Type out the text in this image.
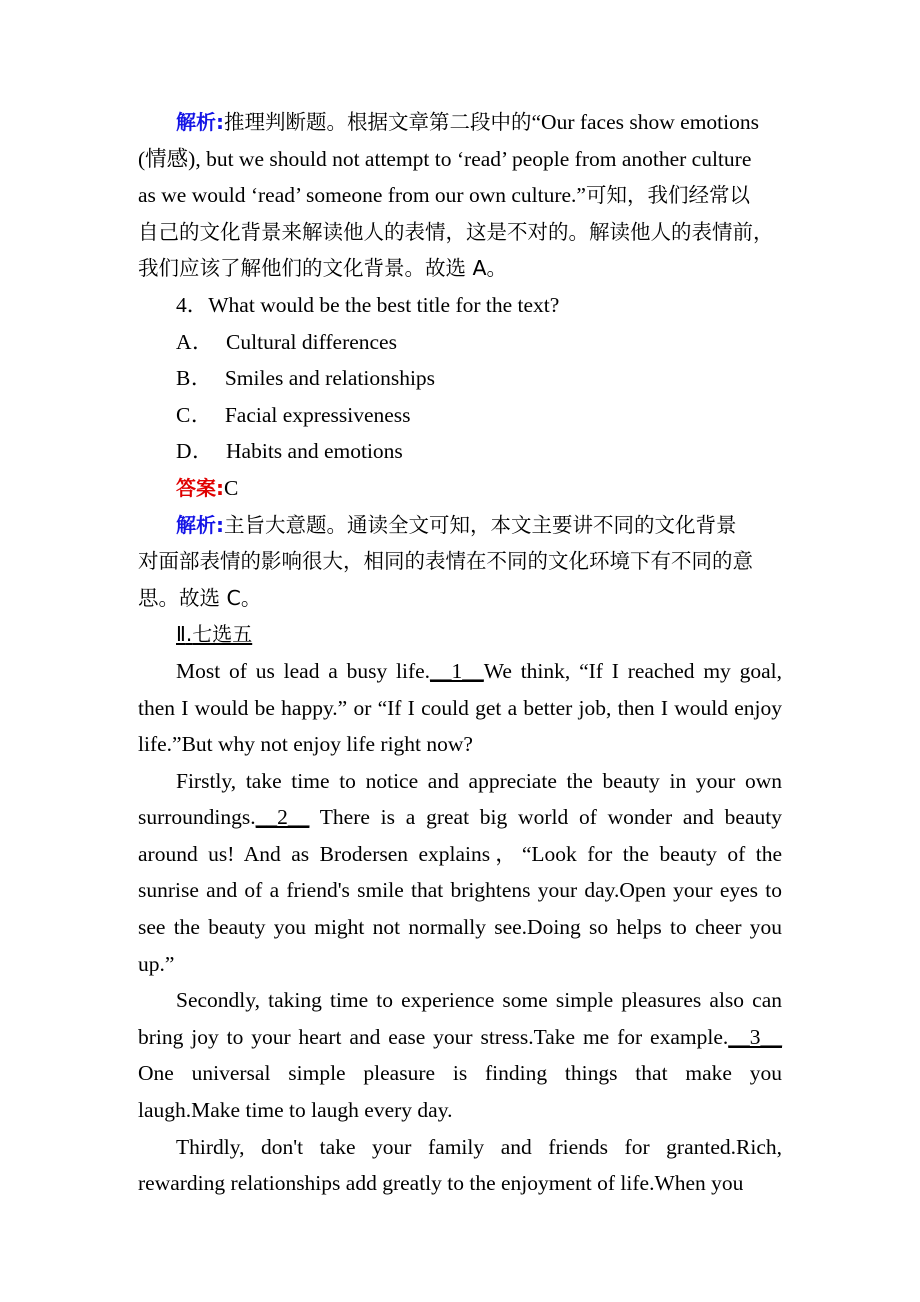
解析:推理判断题。根据文章第二段中的“Our faces show emotions

(情感), but we should not attempt to ‘read’ people from another culture

as we would ‘read’ someone from our own culture.”可知，我们经常以

自己的文化背景来解读他人的表情，这是不对的。解读他人的表情前，

我们应该了解他们的文化背景。故选 A。

4．What would be the best title for the text?

A． Cultural differences

B． Smiles and relationships

C． Facial expressiveness

D． Habits and emotions

答案:C

解析:主旨大意题。通读全文可知，本文主要讲不同的文化背景

对面部表情的影响很大，相同的表情在不同的文化环境下有不同的意

思。故选 C。

Ⅱ.七选五

Most of us lead a busy life.__1__We think, “If I reached my goal,

then I would be happy.” or “If I could get a better job, then I would enjoy

life.”But why not enjoy life right now?

Firstly, take time to notice and appreciate the beauty in your own

surroundings.__2__ There is a great big world of wonder and beauty

around us! And as Brodersen explains，“Look for the beauty of the

sunrise and of a friend's smile that brightens your day.Open your eyes to

see the beauty you might not normally see.Doing so helps to cheer you

up.”

Secondly, taking time to experience some simple pleasures also can

bring joy to your heart and ease your stress.Take me for example.__3__

One universal simple pleasure is finding things that make you

laugh.Make time to laugh every day.

Thirdly, don't take your family and friends for granted.Rich,

rewarding relationships add greatly to the enjoyment of life.When you
